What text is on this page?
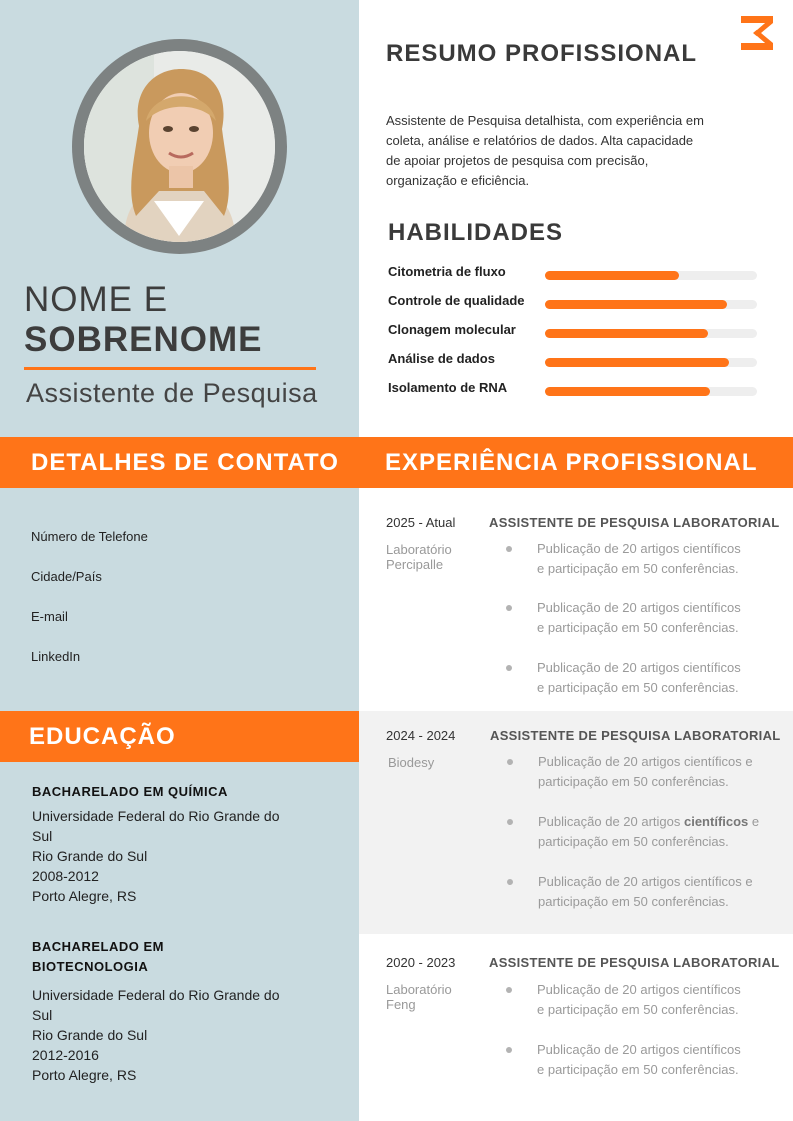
NOME E
SOBRENOME
Assistente de Pesquisa
RESUMO PROFISSIONAL
Assistente de Pesquisa detalhista, com experiência em coleta, análise e relatórios de dados. Alta capacidade de apoiar projetos de pesquisa com precisão, organização e eficiência.
HABILIDADES
Citometria de fluxo
Controle de qualidade
Clonagem molecular
Análise de dados
Isolamento de RNA
DETALHES DE CONTATO
Número de Telefone
Cidade/País
E-mail
LinkedIn
EXPERIÊNCIA PROFISSIONAL
EDUCAÇÃO
BACHARELADO EM QUÍMICA
Universidade Federal do Rio Grande do
Sul
Rio Grande do Sul
2008-2012
Porto Alegre, RS
BACHARELADO EM
BIOTECNOLOGIA
Universidade Federal do Rio Grande do
Sul
Rio Grande do Sul
2012-2016
Porto Alegre, RS
2025 - Atual	ASSISTENTE DE PESQUISA LABORATORIAL
Laboratório
Percipalle
Publicação de 20 artigos científicos
e participação em 50 conferências.
Publicação de 20 artigos científicos
e participação em 50 conferências.
Publicação de 20 artigos científicos
e participação em 50 conferências.
2024 - 2024	ASSISTENTE DE PESQUISA LABORATORIAL
Biodesy	Publicação de 20 artigos científicos e
participação em 50 conferências.
Publicação de 20 artigos científicos e
participação em 50 conferências.
Publicação de 20 artigos científicos e
participação em 50 conferências.
2020 - 2023	ASSISTENTE DE PESQUISA LABORATORIAL
Laboratório
Feng
Publicação de 20 artigos científicos
e participação em 50 conferências.
Publicação de 20 artigos científicos
e participação em 50 conferências.
